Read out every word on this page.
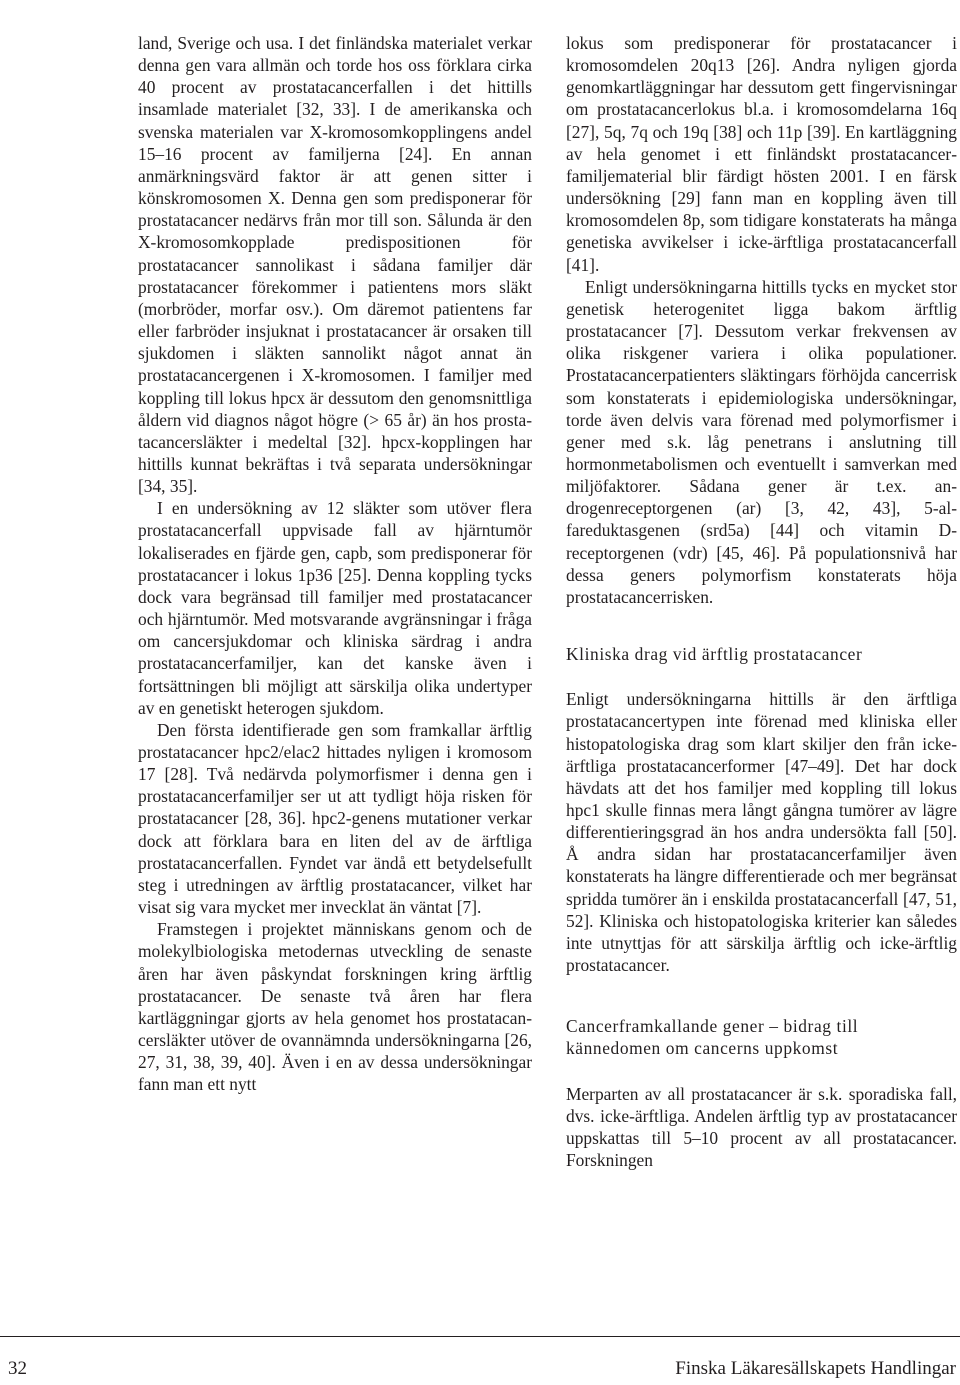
land, Sverige och usa. I det finländska materialet verkar denna gen vara allmän och torde hos oss förklara cirka 40 procent av prostatacancerfallen i det hittills insamlade materialet [32, 33]. I de amerikanska och svenska materialen var X-kromosomkopplingens andel 15–16 procent av familjerna [24]. En annan anmärkningsvärd faktor är att genen sitter i könskromosomen X. Denna gen som predisponerar för prostatacancer nedärvs från mor till son. Sålunda är den X-kromosomkopplade predispositionen för prostatacancer sannolikast i sådana familjer där prostatacancer förekommer i patientens mors släkt (morbröder, morfar osv.). Om däremot patientens far eller farbröder insjuknat i prostatacancer är orsaken till sjukdomen i släkten sannolikt något annat än prostatacancergenen i X-kromosomen. I familjer med koppling till lokus hpcx är dessutom den genomsnittliga åldern vid diagnos något högre (> 65 år) än hos prostatacancersläkter i medeltal [32]. hpcx-kopplingen har hittills kunnat bekräftas i två separata undersökningar [34, 35].

I en undersökning av 12 släkter som utöver flera prostatacancerfall uppvisade fall av hjärntumör lokaliserades en fjärde gen, capb, som predisponerar för prostatacancer i lokus 1p36 [25]. Denna koppling tycks dock vara begränsad till familjer med prostatacancer och hjärntumör. Med motsvarande avgränsningar i fråga om cancersjukdomar och kliniska särdrag i andra prostatacancerfamiljer, kan det kanske även i fortsättningen bli möjligt att särskilja olika undertyper av en genetiskt heterogen sjukdom.

Den första identifierade gen som framkallar ärftlig prostatacancer hpc2/elac2 hittades nyligen i kromosom 17 [28]. Två nedärvda polymorfismer i denna gen i prostatacancerfamiljer ser ut att tydligt höja risken för prostatacancer [28, 36]. hpc2-genens mutationer verkar dock att förklara bara en liten del av de ärftliga prostatacancerfallen. Fyndet var ändå ett betydelsefullt steg i utredningen av ärftlig prostatacancer, vilket har visat sig vara mycket mer invecklat än väntat [7].

Framstegen i projektet människans genom och de molekylbiologiska metodernas utveckling de senaste åren har även påskyndat forskningen kring ärftlig prostatacancer. De senaste två åren har flera kartläggningar gjorts av hela genomet hos prostatacancersläkter utöver de ovannämnda undersökningarna [26, 27, 31, 38, 39, 40]. Även i en av dessa undersökningar fann man ett nytt

lokus som predisponerar för prostatacancer i kromosomdelen 20q13 [26]. Andra nyligen gjorda genomkartläggningar har dessutom gett fingervisningar om prostatacancerlokus bl.a. i kromosomdelarna 16q [27], 5q, 7q och 19q [38] och 11p [39]. En kartläggning av hela genomet i ett finländskt prostatacancerfamiljematerial blir färdigt hösten 2001. I en färsk undersökning [29] fann man en koppling även till kromosomdelen 8p, som tidigare konstaterats ha många genetiska avvikelser i icke-ärftliga prostatacancerfall [41].

Enligt undersökningarna hittills tycks en mycket stor genetisk heterogenitet ligga bakom ärftlig prostatacancer [7]. Dessutom verkar frekvensen av olika riskgener variera i olika populationer. Prostatacancerpatienters släktingars förhöjda cancerrisk som konstaterats i epidemiologiska undersökningar, torde även delvis vara förenad med polymorfismer i gener med s.k. låg penetrans i anslutning till hormonmetabolismen och eventuellt i samverkan med miljöfaktorer. Sådana gener är t.ex. androgenreceptorgenen (ar) [3, 42, 43], 5-alfareduktasgenen (srd5a) [44] och vitamin D-receptorgenen (vdr) [45, 46]. På populationsnivå har dessa geners polymorfism konstaterats höja prostatacancerrisken.

Kliniska drag vid ärftlig prostatacancer

Enligt undersökningarna hittills är den ärftliga prostatacancertypen inte förenad med kliniska eller histopatologiska drag som klart skiljer den från icke-ärftliga prostatacancerformer [47–49]. Det har dock hävdats att det hos familjer med koppling till lokus hpc1 skulle finnas mera långt gångna tumörer av lägre differentieringsgrad än hos andra undersökta fall [50]. Å andra sidan har prostatacancerfamiljer även konstaterats ha längre differentierade och mer begränsat spridda tumörer än i enskilda prostatacancerfall [47, 51, 52]. Kliniska och histopatologiska kriterier kan således inte utnyttjas för att särskilja ärftlig och icke-ärftlig prostatacancer.

Cancerframkallande gener – bidrag till kännedomen om cancerns uppkomst

Merparten av all prostatacancer är s.k. sporadiska fall, dvs. icke-ärftliga. Andelen ärftlig typ av prostatacancer uppskattas till 5–10 procent av all prostatacancer. Forskningen

32	Finska Läkaresällskapets Handlingar
